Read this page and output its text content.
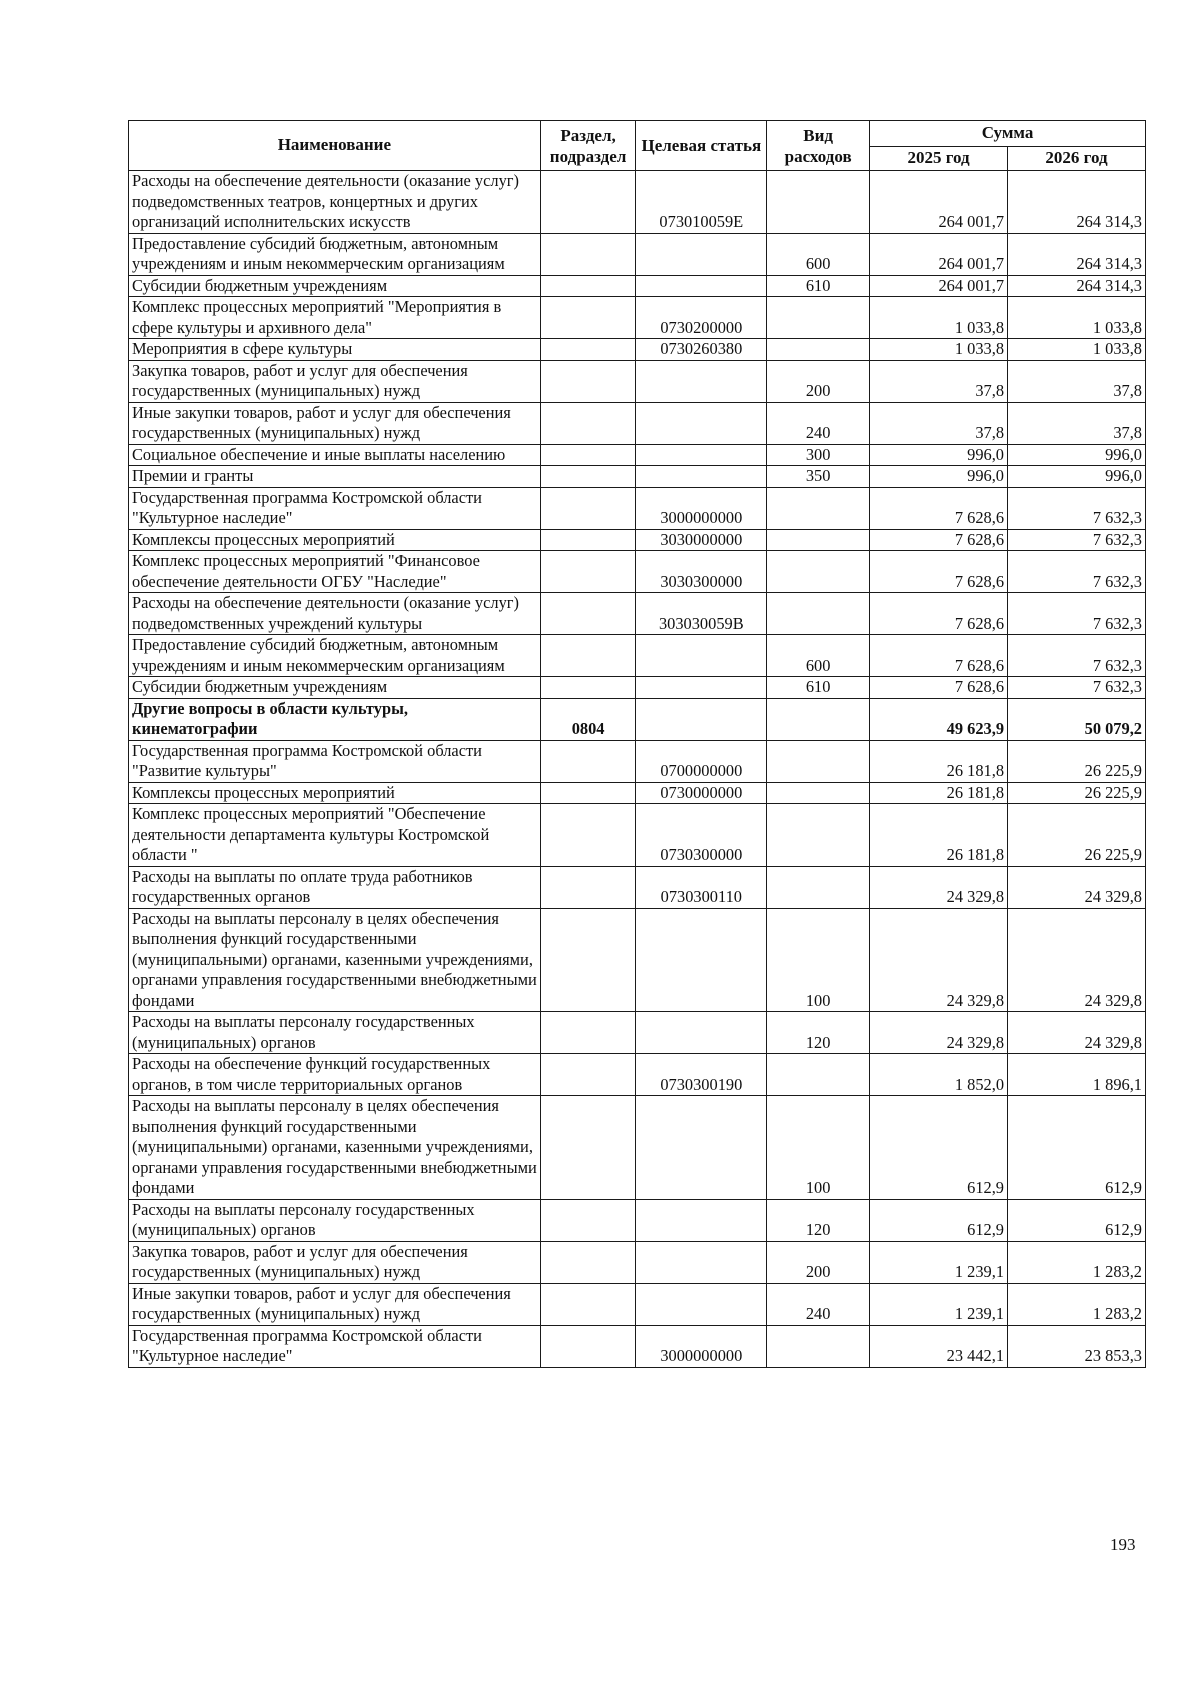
Наименование	Раздел, подраздел	Целевая статья	Вид расходов	Сумма	
				2025 год	2026 год
Расходы на обеспечение деятельности (оказание услуг) подведомственных театров, концертных и других организаций исполнительских искусств		073010059Е		264 001,7	264 314,3
Предоставление субсидий бюджетным, автономным учреждениям и иным некоммерческим организациям			600	264 001,7	264 314,3
Субсидии бюджетным учреждениям			610	264 001,7	264 314,3
Комплекс процессных мероприятий "Мероприятия в сфере культуры и архивного дела"		0730200000		1 033,8	1 033,8
Мероприятия в сфере культуры		0730260380		1 033,8	1 033,8
Закупка товаров, работ и услуг для обеспечения государственных (муниципальных) нужд			200	37,8	37,8
Иные закупки товаров, работ и услуг для обеспечения государственных (муниципальных) нужд			240	37,8	37,8
Социальное обеспечение и иные выплаты населению			300	996,0	996,0
Премии и гранты			350	996,0	996,0
Государственная программа Костромской области "Культурное наследие"		3000000000		7 628,6	7 632,3
Комплексы процессных мероприятий		3030000000		7 628,6	7 632,3
Комплекс процессных мероприятий "Финансовое обеспечение деятельности ОГБУ "Наследие"		3030300000		7 628,6	7 632,3
Расходы на обеспечение деятельности (оказание услуг) подведомственных учреждений культуры		303030059В		7 628,6	7 632,3
Предоставление субсидий бюджетным, автономным учреждениям и иным некоммерческим организациям			600	7 628,6	7 632,3
Субсидии бюджетным учреждениям			610	7 628,6	7 632,3
Другие вопросы в области культуры, кинематографии	0804			49 623,9	50 079,2
Государственная программа Костромской области "Развитие культуры"		0700000000		26 181,8	26 225,9
Комплексы процессных мероприятий		0730000000		26 181,8	26 225,9
Комплекс процессных мероприятий "Обеспечение деятельности департамента культуры Костромской области "		0730300000		26 181,8	26 225,9
Расходы на выплаты по оплате труда работников государственных органов		0730300110		24 329,8	24 329,8
Расходы на выплаты персоналу в целях обеспечения выполнения функций государственными (муниципальными) органами, казенными учреждениями, органами управления государственными внебюджетными фондами			100	24 329,8	24 329,8
Расходы на выплаты персоналу государственных (муниципальных) органов			120	24 329,8	24 329,8
Расходы на обеспечение функций государственных органов, в том числе территориальных органов		0730300190		1 852,0	1 896,1
Расходы на выплаты персоналу в целях обеспечения выполнения функций государственными (муниципальными) органами, казенными учреждениями, органами управления государственными внебюджетными фондами			100	612,9	612,9
Расходы на выплаты персоналу государственных (муниципальных) органов			120	612,9	612,9
Закупка товаров, работ и услуг для обеспечения государственных (муниципальных) нужд			200	1 239,1	1 283,2
Иные закупки товаров, работ и услуг для обеспечения государственных (муниципальных) нужд			240	1 239,1	1 283,2
Государственная программа Костромской области "Культурное наследие"		3000000000		23 442,1	23 853,3
193
